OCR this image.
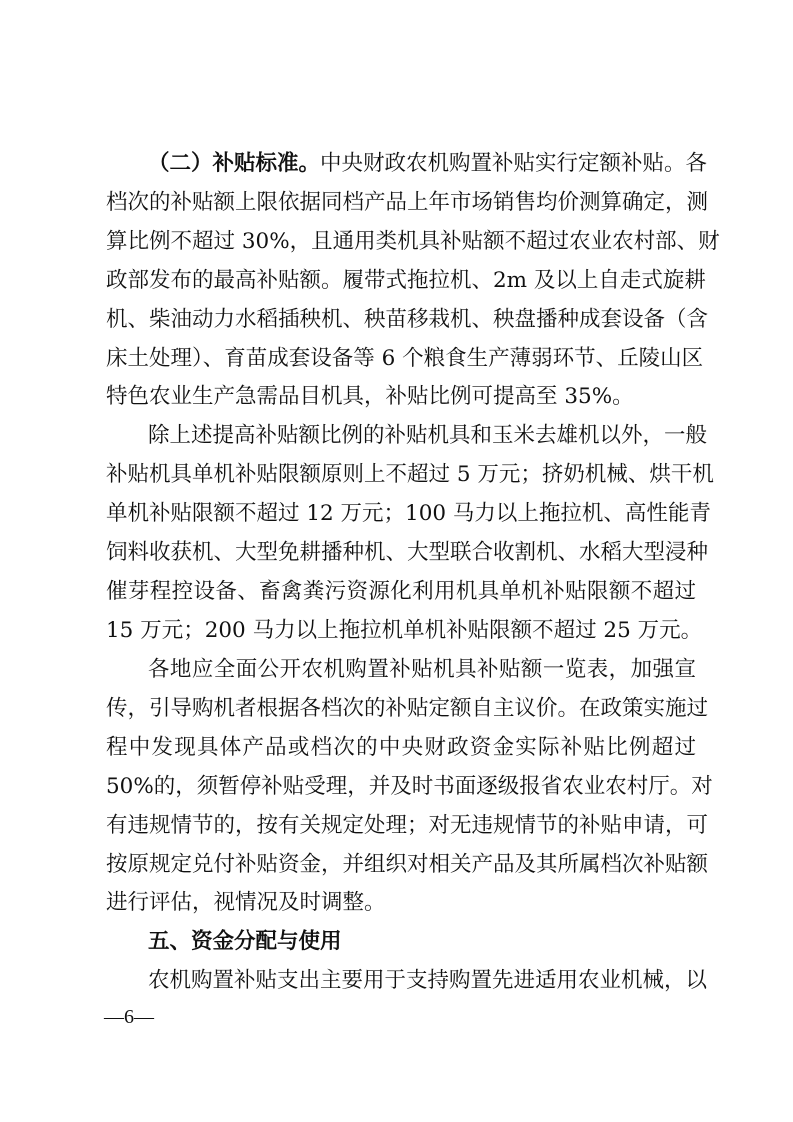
（二）补贴标准。中央财政农机购置补贴实行定额补贴。各
档次的补贴额上限依据同档产品上年市场销售均价测算确定，测
算比例不超过 30%，且通用类机具补贴额不超过农业农村部、财
政部发布的最高补贴额。履带式拖拉机、2m 及以上自走式旋耕
机、柴油动力水稻插秧机、秧苗移栽机、秧盘播种成套设备（含
床土处理）、育苗成套设备等 6 个粮食生产薄弱环节、丘陵山区
特色农业生产急需品目机具，补贴比例可提高至 35%。
除上述提高补贴额比例的补贴机具和玉米去雄机以外，一般
补贴机具单机补贴限额原则上不超过 5 万元；挤奶机械、烘干机
单机补贴限额不超过 12 万元；100 马力以上拖拉机、高性能青
饲料收获机、大型免耕播种机、大型联合收割机、水稻大型浸种
催芽程控设备、畜禽粪污资源化利用机具单机补贴限额不超过
15 万元；200 马力以上拖拉机单机补贴限额不超过 25 万元。
各地应全面公开农机购置补贴机具补贴额一览表，加强宣
传，引导购机者根据各档次的补贴定额自主议价。在政策实施过
程中发现具体产品或档次的中央财政资金实际补贴比例超过
50%的，须暂停补贴受理，并及时书面逐级报省农业农村厅。对
有违规情节的，按有关规定处理；对无违规情节的补贴申请，可
按原规定兑付补贴资金，并组织对相关产品及其所属档次补贴额
进行评估，视情况及时调整。
五、资金分配与使用
农机购置补贴支出主要用于支持购置先进适用农业机械，以
—6—
